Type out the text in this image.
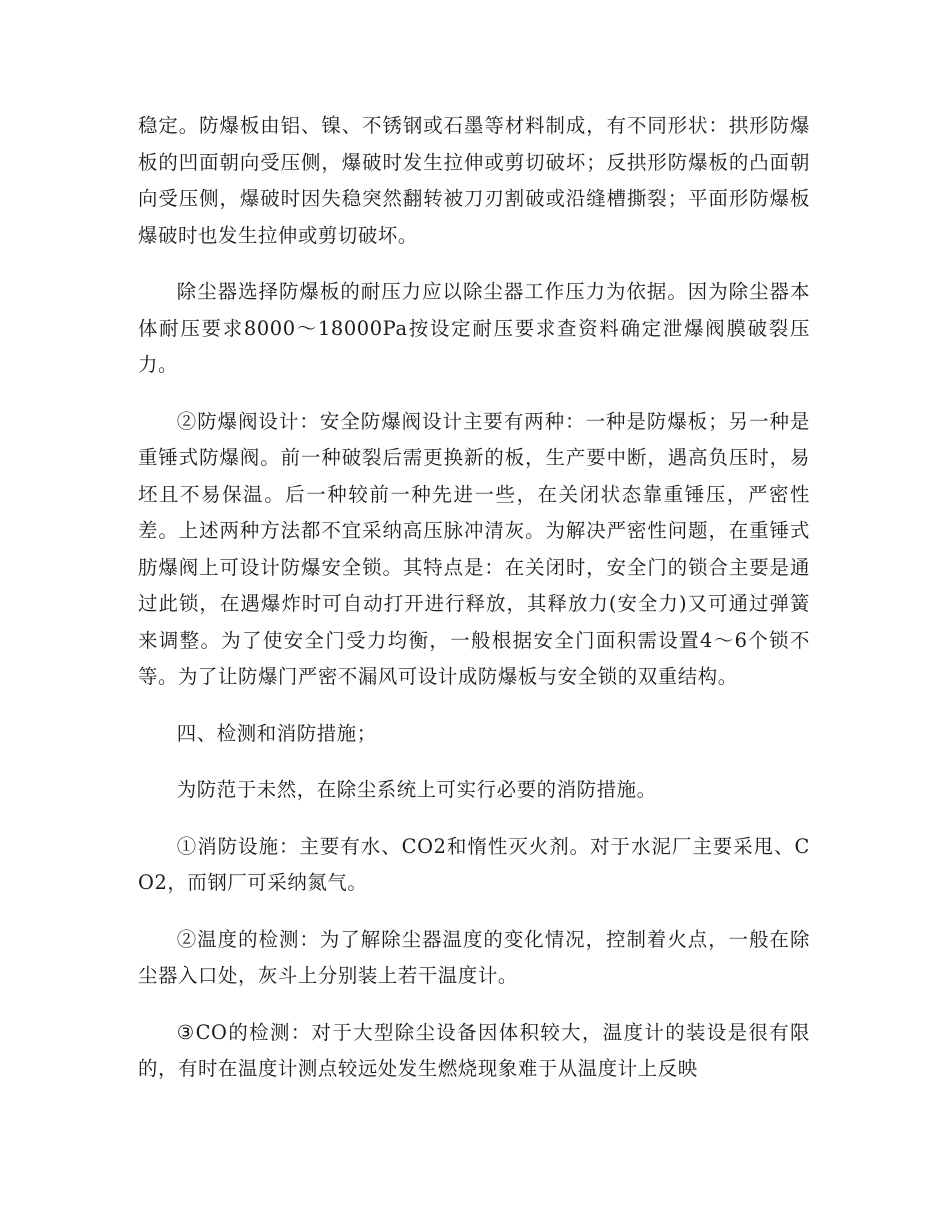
稳定。防爆板由铝、镍、不锈钢或石墨等材料制成，有不同形状：拱形防爆板的凹面朝向受压侧，爆破时发生拉伸或剪切破坏；反拱形防爆板的凸面朝向受压侧，爆破时因失稳突然翻转被刀刃割破或沿缝槽撕裂；平面形防爆板爆破时也发生拉伸或剪切破坏。

除尘器选择防爆板的耐压力应以除尘器工作压力为依据。因为除尘器本体耐压要求8000～18000Pa按设定耐压要求查资料确定泄爆阀膜破裂压力。

②防爆阀设计：安全防爆阀设计主要有两种：一种是防爆板；另一种是重锤式防爆阀。前一种破裂后需更换新的板，生产要中断，遇高负压时，易坯且不易保温。后一种较前一种先进一些，在关闭状态靠重锤压，严密性差。上述两种方法都不宜采纳高压脉冲清灰。为解决严密性问题，在重锤式肪爆阀上可设计防爆安全锁。其特点是：在关闭时，安全门的锁合主要是通过此锁，在遇爆炸时可自动打开进行释放，其释放力(安全力)又可通过弹簧来调整。为了使安全门受力均衡，一般根据安全门面积需设置4～6个锁不等。为了让防爆门严密不漏风可设计成防爆板与安全锁的双重结构。

四、检测和消防措施；

为防范于未然，在除尘系统上可实行必要的消防措施。

①消防设施：主要有水、CO2和惰性灭火剂。对于水泥厂主要采甩、CO2，而钢厂可采纳氮气。

②温度的检测：为了解除尘器温度的变化情况，控制着火点，一般在除尘器入口处，灰斗上分别装上若干温度计。

③CO的检测：对于大型除尘设备因体积较大，温度计的装设是很有限的，有时在温度计测点较远处发生燃烧现象难于从温度计上反映
